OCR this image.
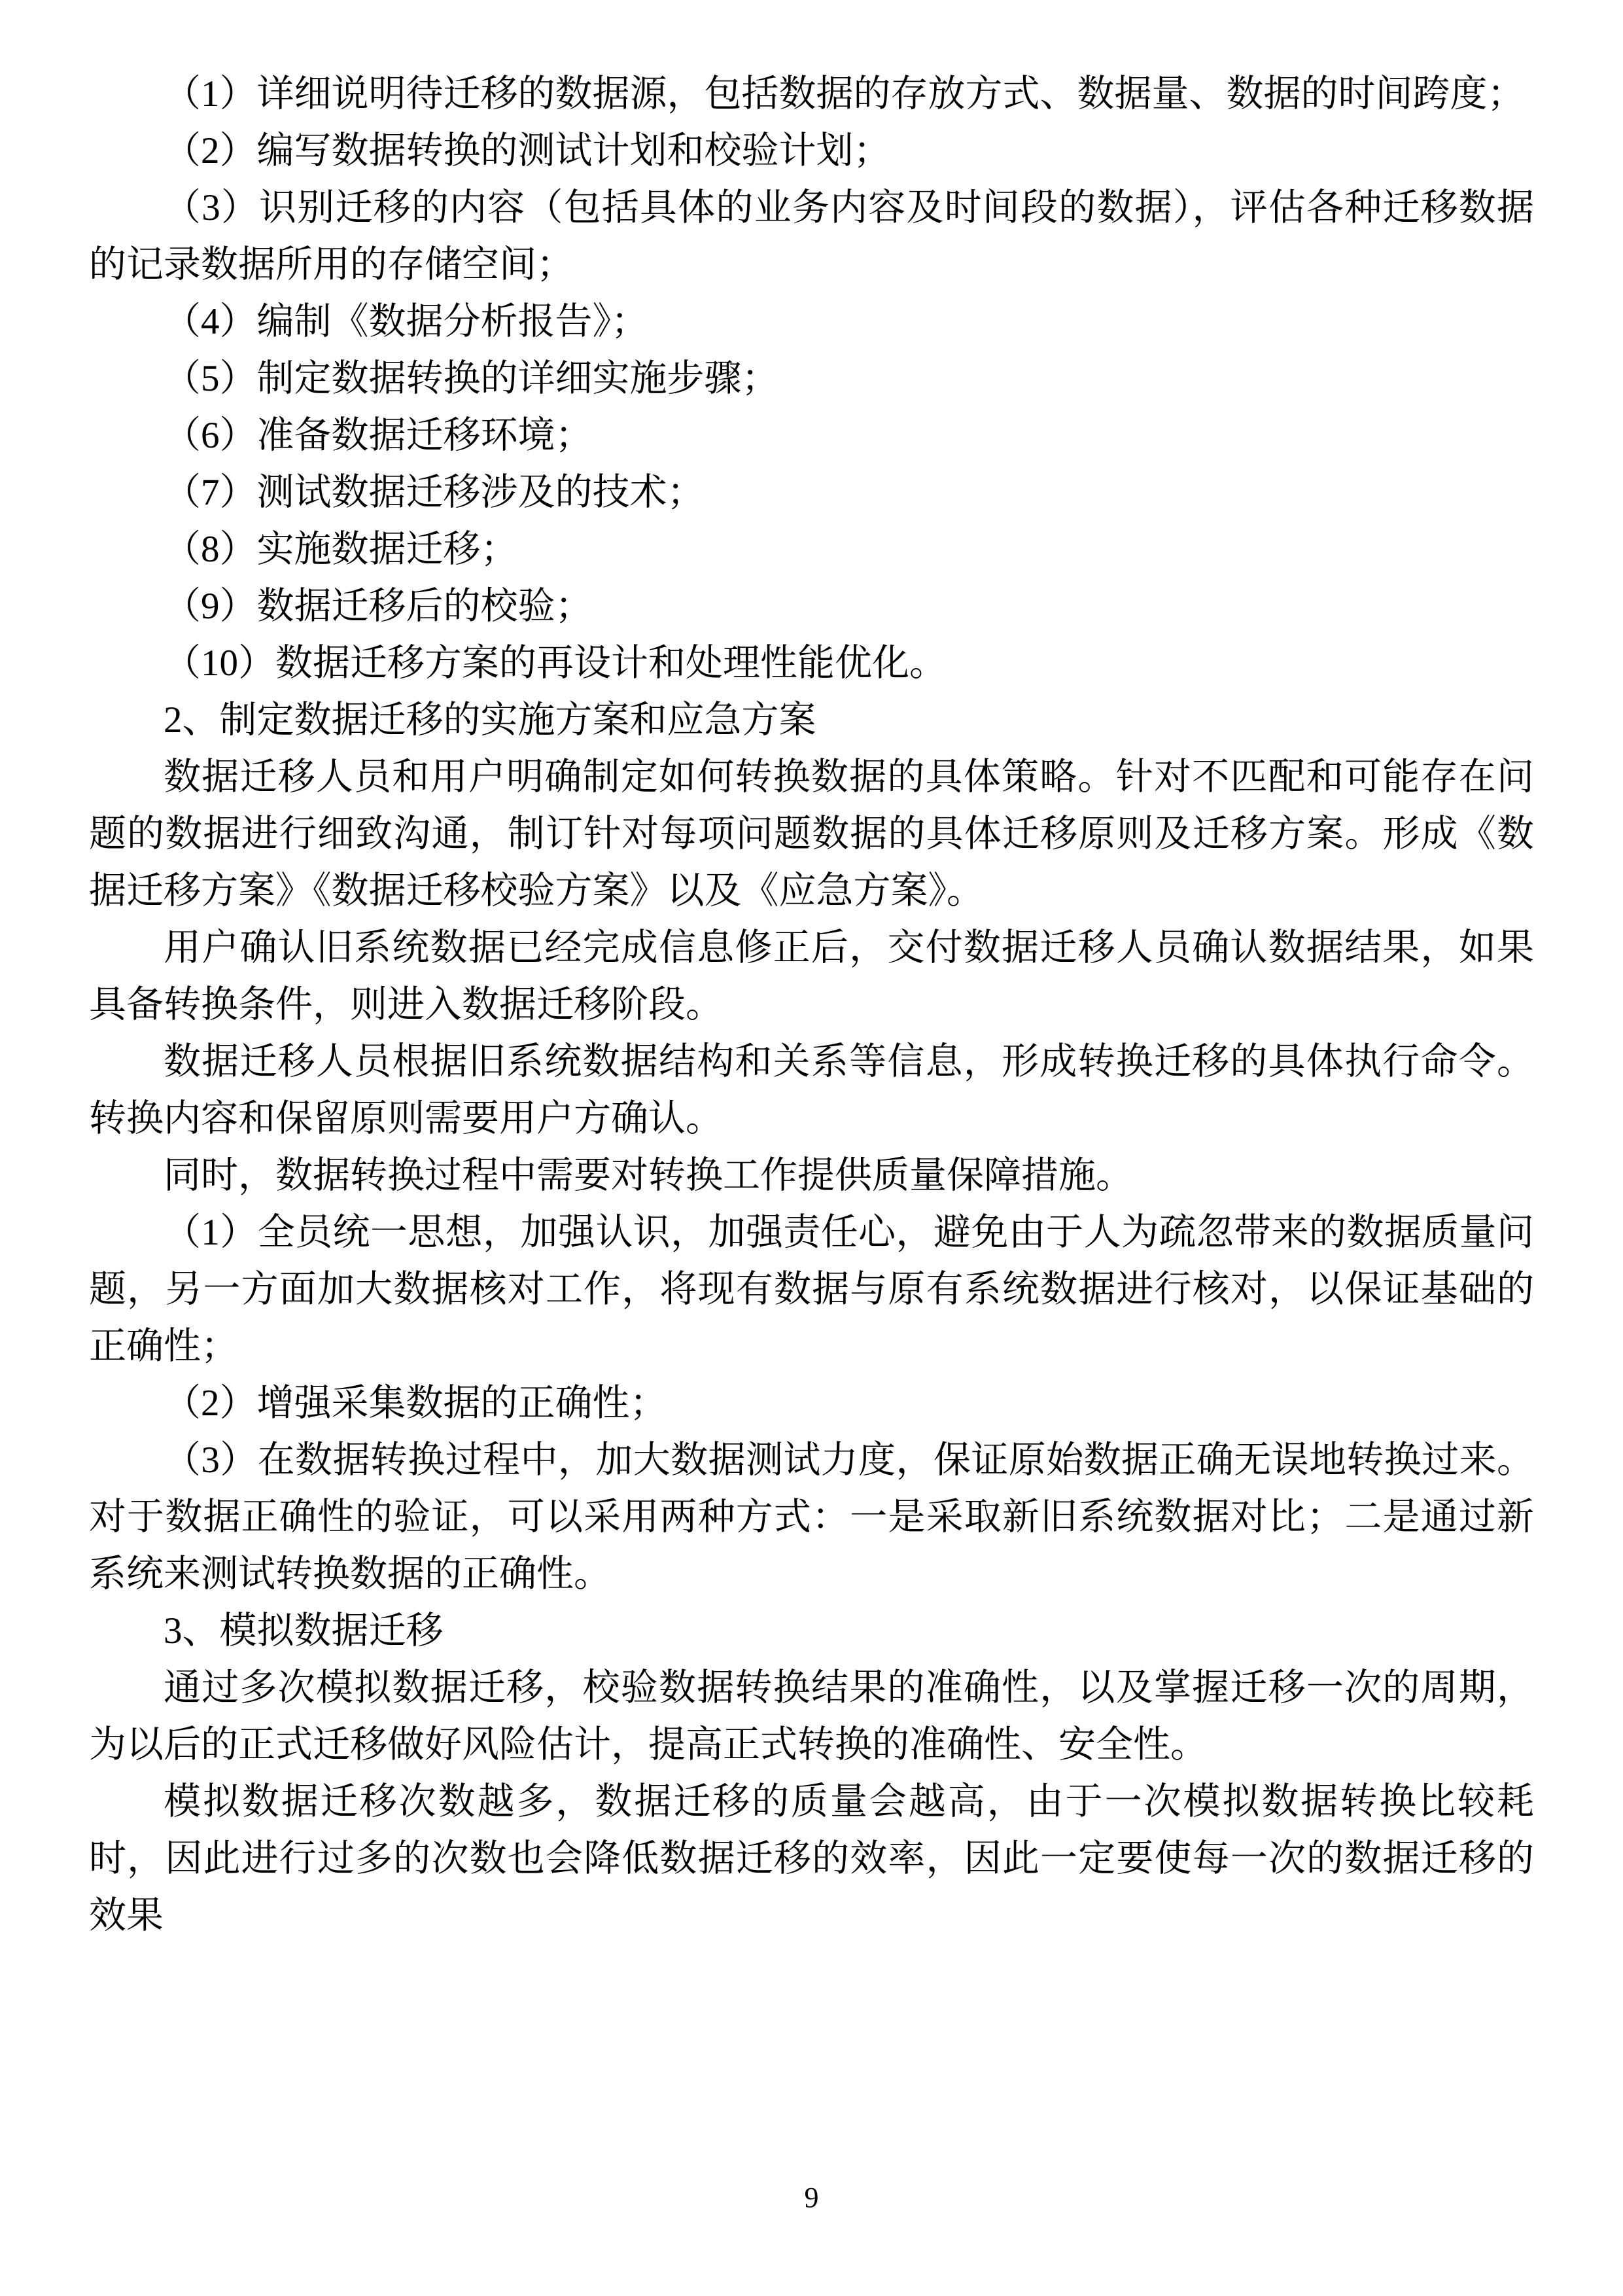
（1）详细说明待迁移的数据源，包括数据的存放方式、数据量、数据的时间跨度；

（2）编写数据转换的测试计划和校验计划；

（3）识别迁移的内容（包括具体的业务内容及时间段的数据），评估各种迁移数据的记录数据所用的存储空间；

（4）编制《数据分析报告》；

（5）制定数据转换的详细实施步骤；

（6）准备数据迁移环境；

（7）测试数据迁移涉及的技术；

（8）实施数据迁移；

（9）数据迁移后的校验；

（10）数据迁移方案的再设计和处理性能优化。

2、制定数据迁移的实施方案和应急方案

数据迁移人员和用户明确制定如何转换数据的具体策略。针对不匹配和可能存在问题的数据进行细致沟通，制订针对每项问题数据的具体迁移原则及迁移方案。形成《数据迁移方案》《数据迁移校验方案》以及《应急方案》。

用户确认旧系统数据已经完成信息修正后，交付数据迁移人员确认数据结果，如果具备转换条件，则进入数据迁移阶段。

数据迁移人员根据旧系统数据结构和关系等信息，形成转换迁移的具体执行命令。转换内容和保留原则需要用户方确认。

同时，数据转换过程中需要对转换工作提供质量保障措施。

（1）全员统一思想，加强认识，加强责任心，避免由于人为疏忽带来的数据质量问题，另一方面加大数据核对工作，将现有数据与原有系统数据进行核对，以保证基础的正确性；

（2）增强采集数据的正确性；

（3）在数据转换过程中，加大数据测试力度，保证原始数据正确无误地转换过来。对于数据正确性的验证，可以采用两种方式：一是采取新旧系统数据对比；二是通过新系统来测试转换数据的正确性。

3、模拟数据迁移

通过多次模拟数据迁移，校验数据转换结果的准确性，以及掌握迁移一次的周期，为以后的正式迁移做好风险估计，提高正式转换的准确性、安全性。

模拟数据迁移次数越多，数据迁移的质量会越高，由于一次模拟数据转换比较耗时，因此进行过多的次数也会降低数据迁移的效率，因此一定要使每一次的数据迁移的效果

9
